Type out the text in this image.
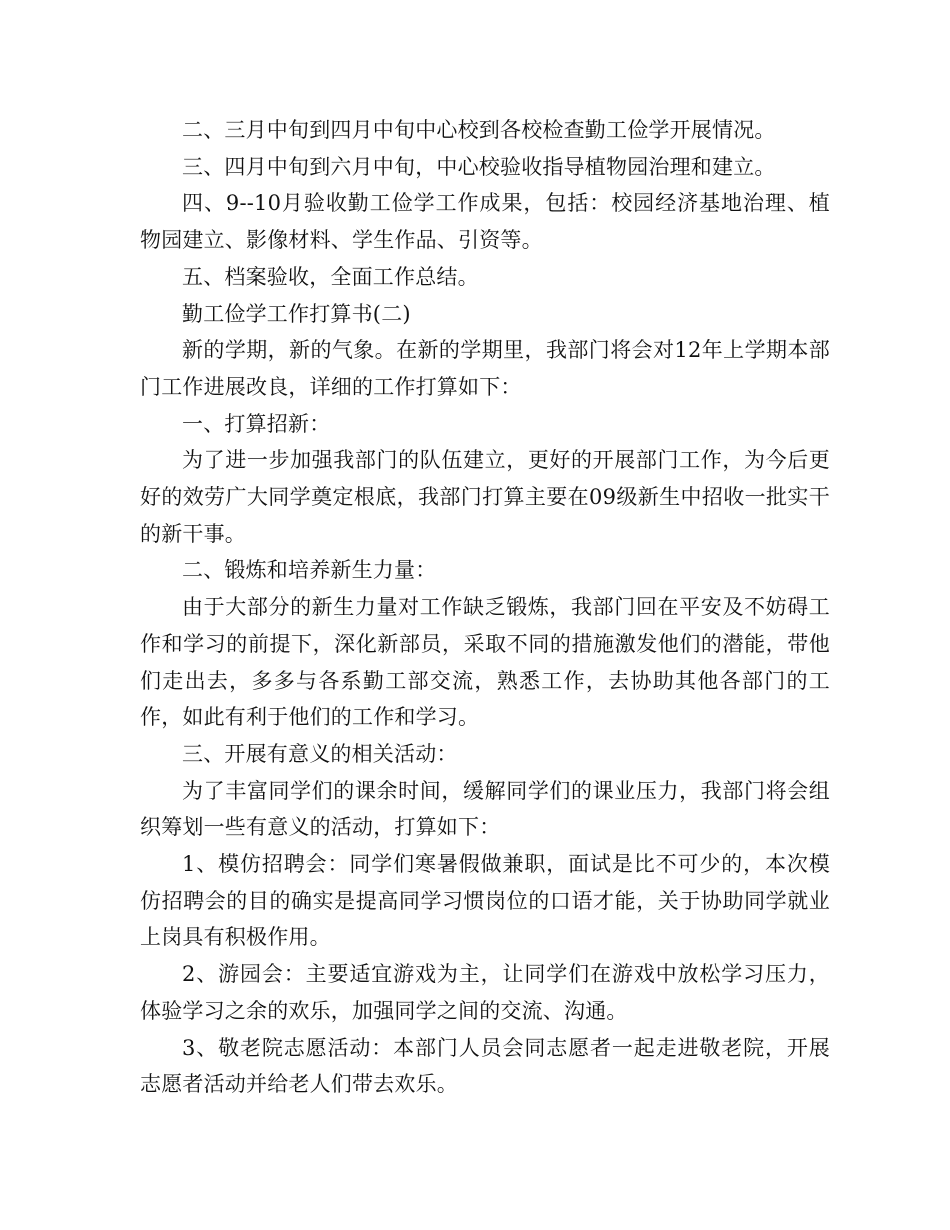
二、三月中旬到四月中旬中心校到各校检查勤工俭学开展情况。

三、四月中旬到六月中旬，中心校验收指导植物园治理和建立。

四、9--10月验收勤工俭学工作成果，包括：校园经济基地治理、植物园建立、影像材料、学生作品、引资等。

五、档案验收，全面工作总结。

勤工俭学工作打算书(二)

新的学期，新的气象。在新的学期里，我部门将会对12年上学期本部门工作进展改良，详细的工作打算如下：

一、打算招新：

为了进一步加强我部门的队伍建立，更好的开展部门工作，为今后更好的效劳广大同学奠定根底，我部门打算主要在09级新生中招收一批实干的新干事。

二、锻炼和培养新生力量：

由于大部分的新生力量对工作缺乏锻炼，我部门回在平安及不妨碍工作和学习的前提下，深化新部员，采取不同的措施激发他们的潜能，带他们走出去，多多与各系勤工部交流，熟悉工作，去协助其他各部门的工作，如此有利于他们的工作和学习。

三、开展有意义的相关活动：

为了丰富同学们的课余时间，缓解同学们的课业压力，我部门将会组织筹划一些有意义的活动，打算如下：

1、模仿招聘会：同学们寒暑假做兼职，面试是比不可少的，本次模仿招聘会的目的确实是提高同学习惯岗位的口语才能，关于协助同学就业上岗具有积极作用。

2、游园会：主要适宜游戏为主，让同学们在游戏中放松学习压力，体验学习之余的欢乐，加强同学之间的交流、沟通。

3、敬老院志愿活动：本部门人员会同志愿者一起走进敬老院，开展志愿者活动并给老人们带去欢乐。
